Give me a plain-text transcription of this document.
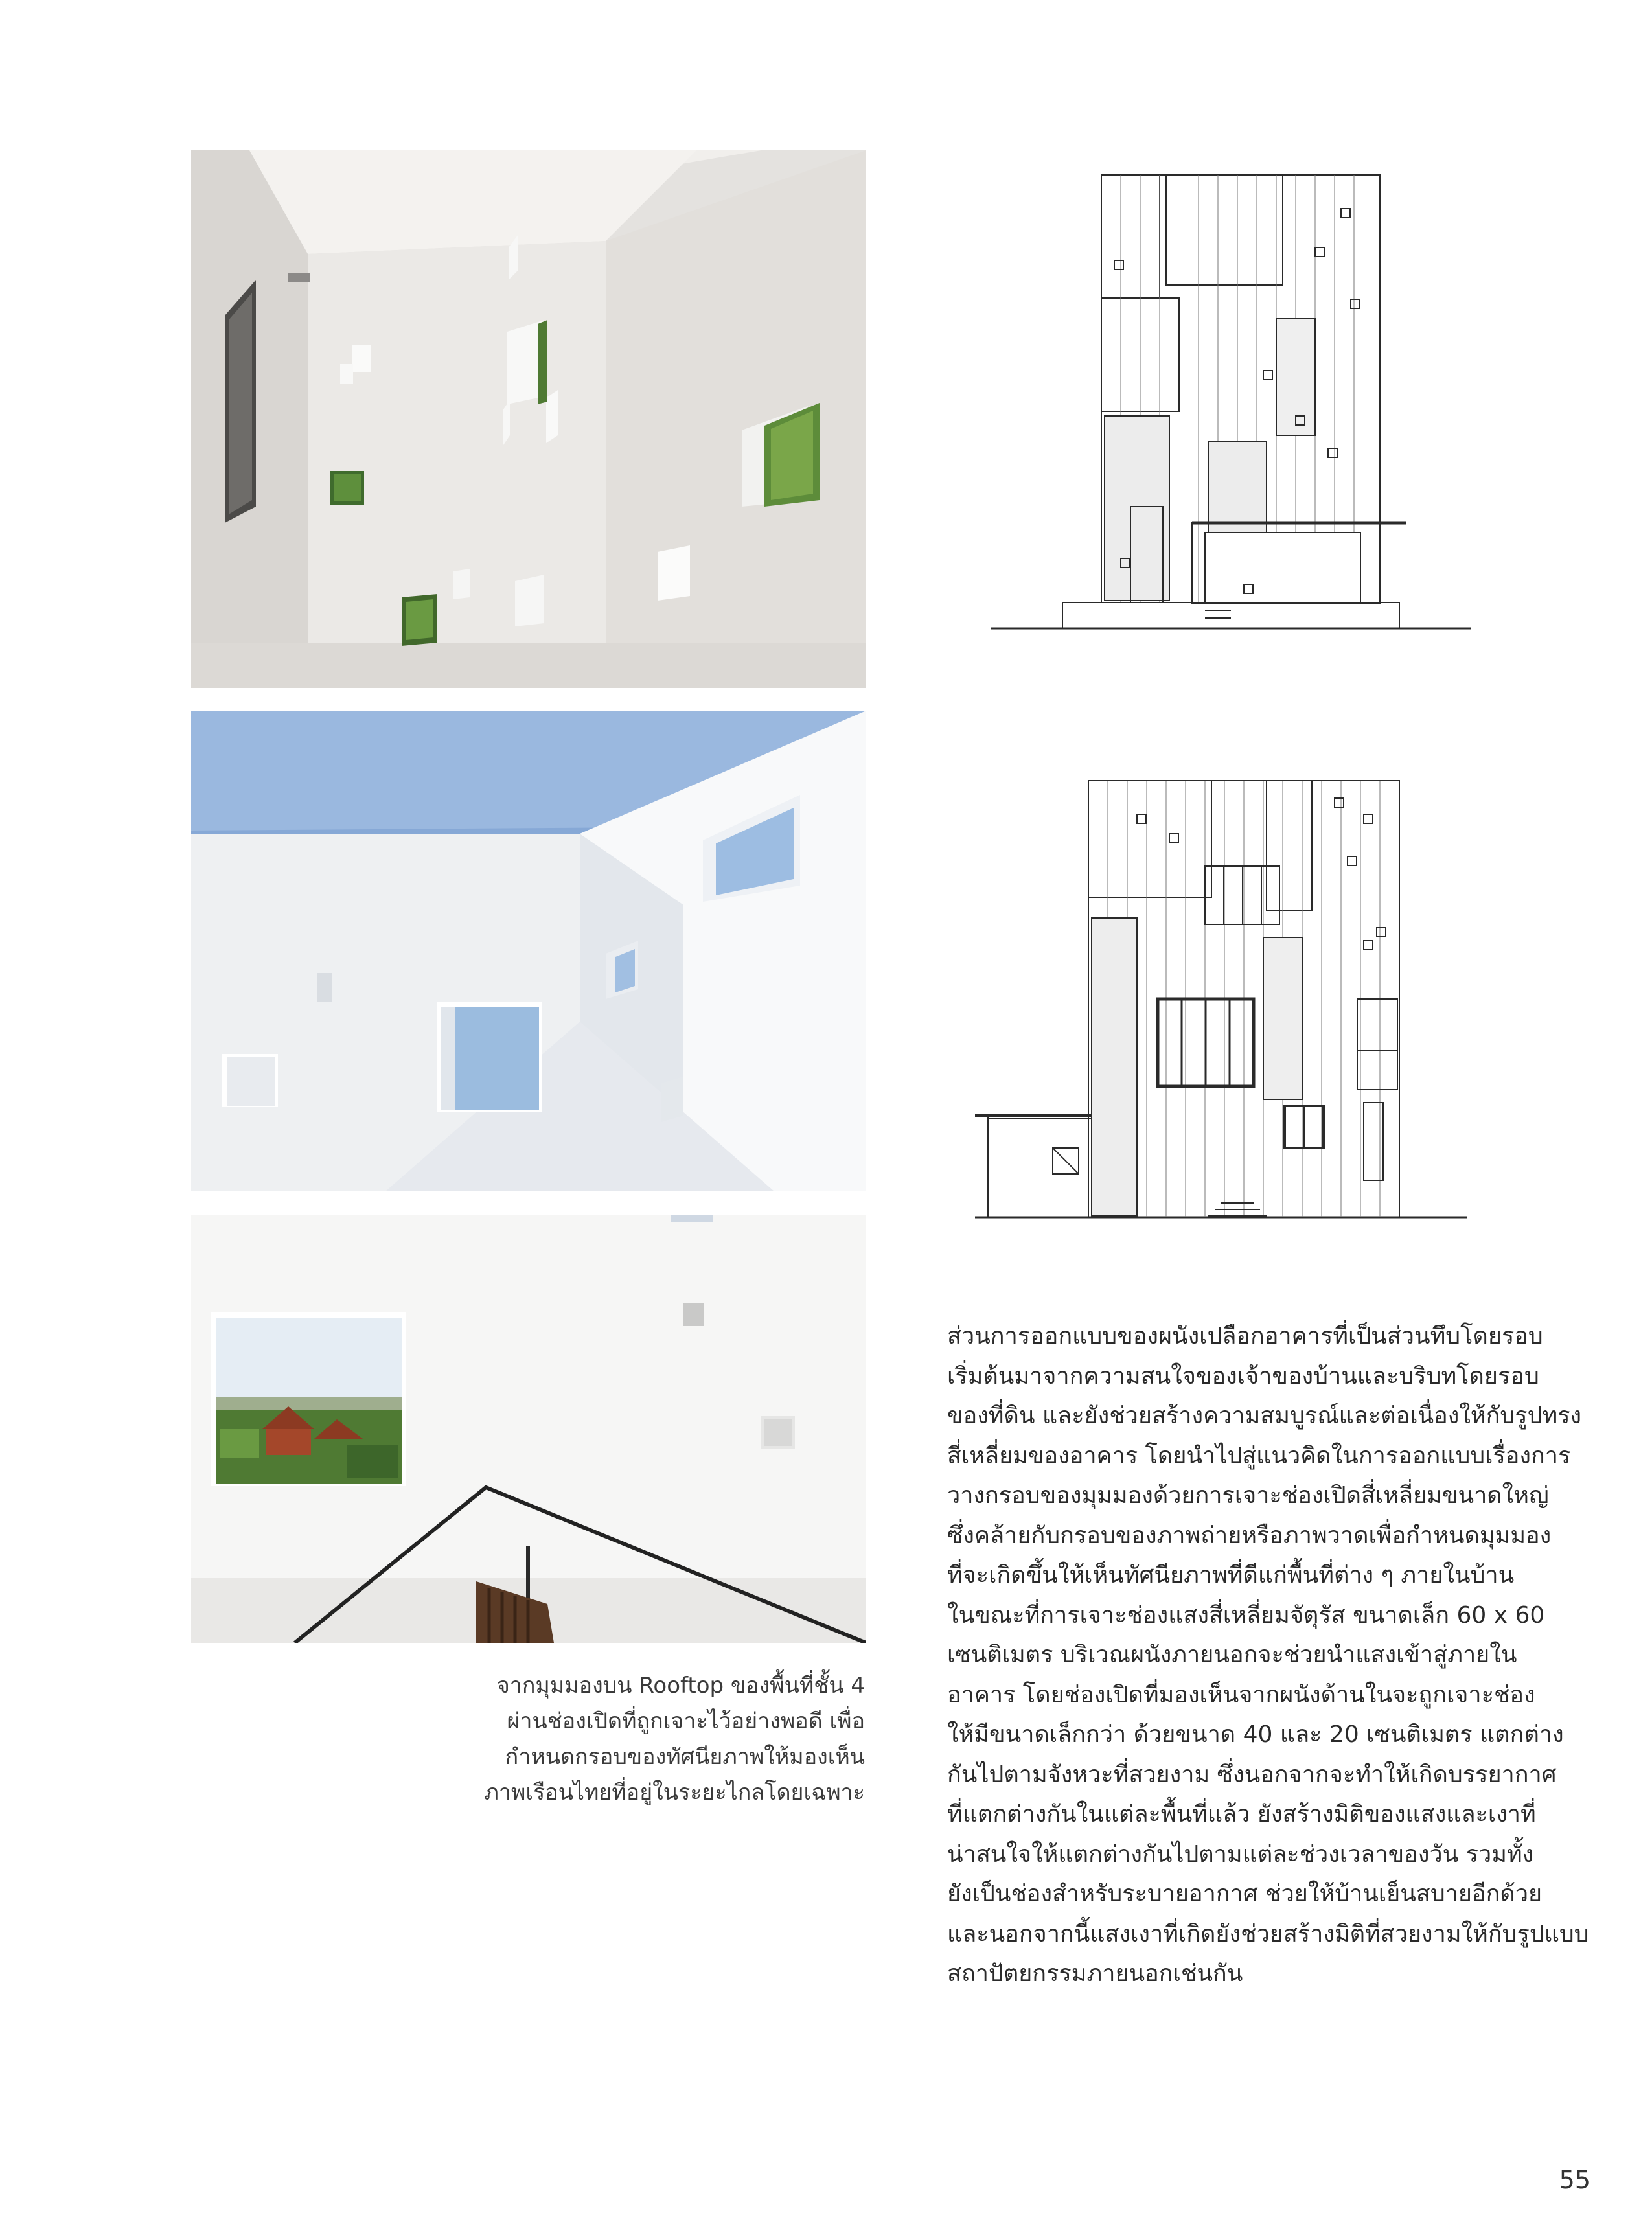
จากมุมมองบน Rooftop ของพื้นที่ชั้น 4
ผ่านช่องเปิดที่ถูกเจาะไว้อย่างพอดี เพื่อ
กำหนดกรอบของทัศนียภาพให้มองเห็น
ภาพเรือนไทยที่อยู่ในระยะไกลโดยเฉพาะ
ส่วนการออกแบบของผนังเปลือกอาคารที่เป็นส่วนทึบโดยรอบ
เริ่มต้นมาจากความสนใจของเจ้าของบ้านและบริบทโดยรอบ
ของที่ดิน และยังช่วยสร้างความสมบูรณ์และต่อเนื่องให้กับรูปทรง
สี่เหลี่ยมของอาคาร โดยนำไปสู่แนวคิดในการออกแบบเรื่องการ
วางกรอบของมุมมองด้วยการเจาะช่องเปิดสี่เหลี่ยมขนาดใหญ่
ซึ่งคล้ายกับกรอบของภาพถ่ายหรือภาพวาดเพื่อกำหนดมุมมอง
ที่จะเกิดขึ้นให้เห็นทัศนียภาพที่ดีแก่พื้นที่ต่าง ๆ ภายในบ้าน
ในขณะที่การเจาะช่องแสงสี่เหลี่ยมจัตุรัส ขนาดเล็ก 60 x 60
เซนติเมตร บริเวณผนังภายนอกจะช่วยนำแสงเข้าสู่ภายใน
อาคาร โดยช่องเปิดที่มองเห็นจากผนังด้านในจะถูกเจาะช่อง
ให้มีขนาดเล็กกว่า ด้วยขนาด 40 และ 20 เซนติเมตร แตกต่าง
กันไปตามจังหวะที่สวยงาม ซึ่งนอกจากจะทำให้เกิดบรรยากาศ
ที่แตกต่างกันในแต่ละพื้นที่แล้ว ยังสร้างมิติของแสงและเงาที่
น่าสนใจให้แตกต่างกันไปตามแต่ละช่วงเวลาของวัน รวมทั้ง
ยังเป็นช่องสำหรับระบายอากาศ ช่วยให้บ้านเย็นสบายอีกด้วย
และนอกจากนี้แสงเงาที่เกิดยังช่วยสร้างมิติที่สวยงามให้กับรูปแบบ
สถาปัตยกรรมภายนอกเช่นกัน
55
